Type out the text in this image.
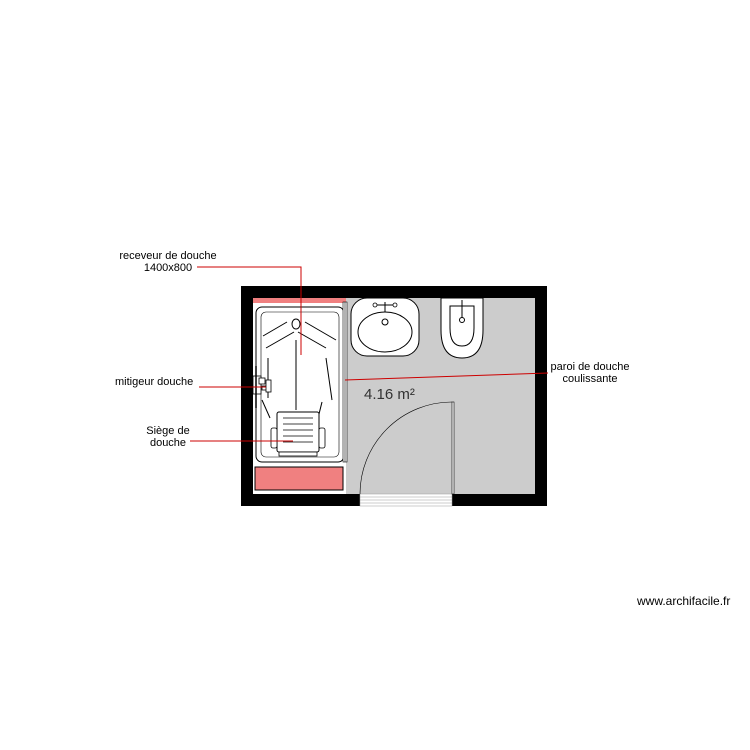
receveur de douche
1400x800
mitigeur douche
Siège de
douche
paroi de douche
coulissante
4.16 m²
www.archifacile.fr
